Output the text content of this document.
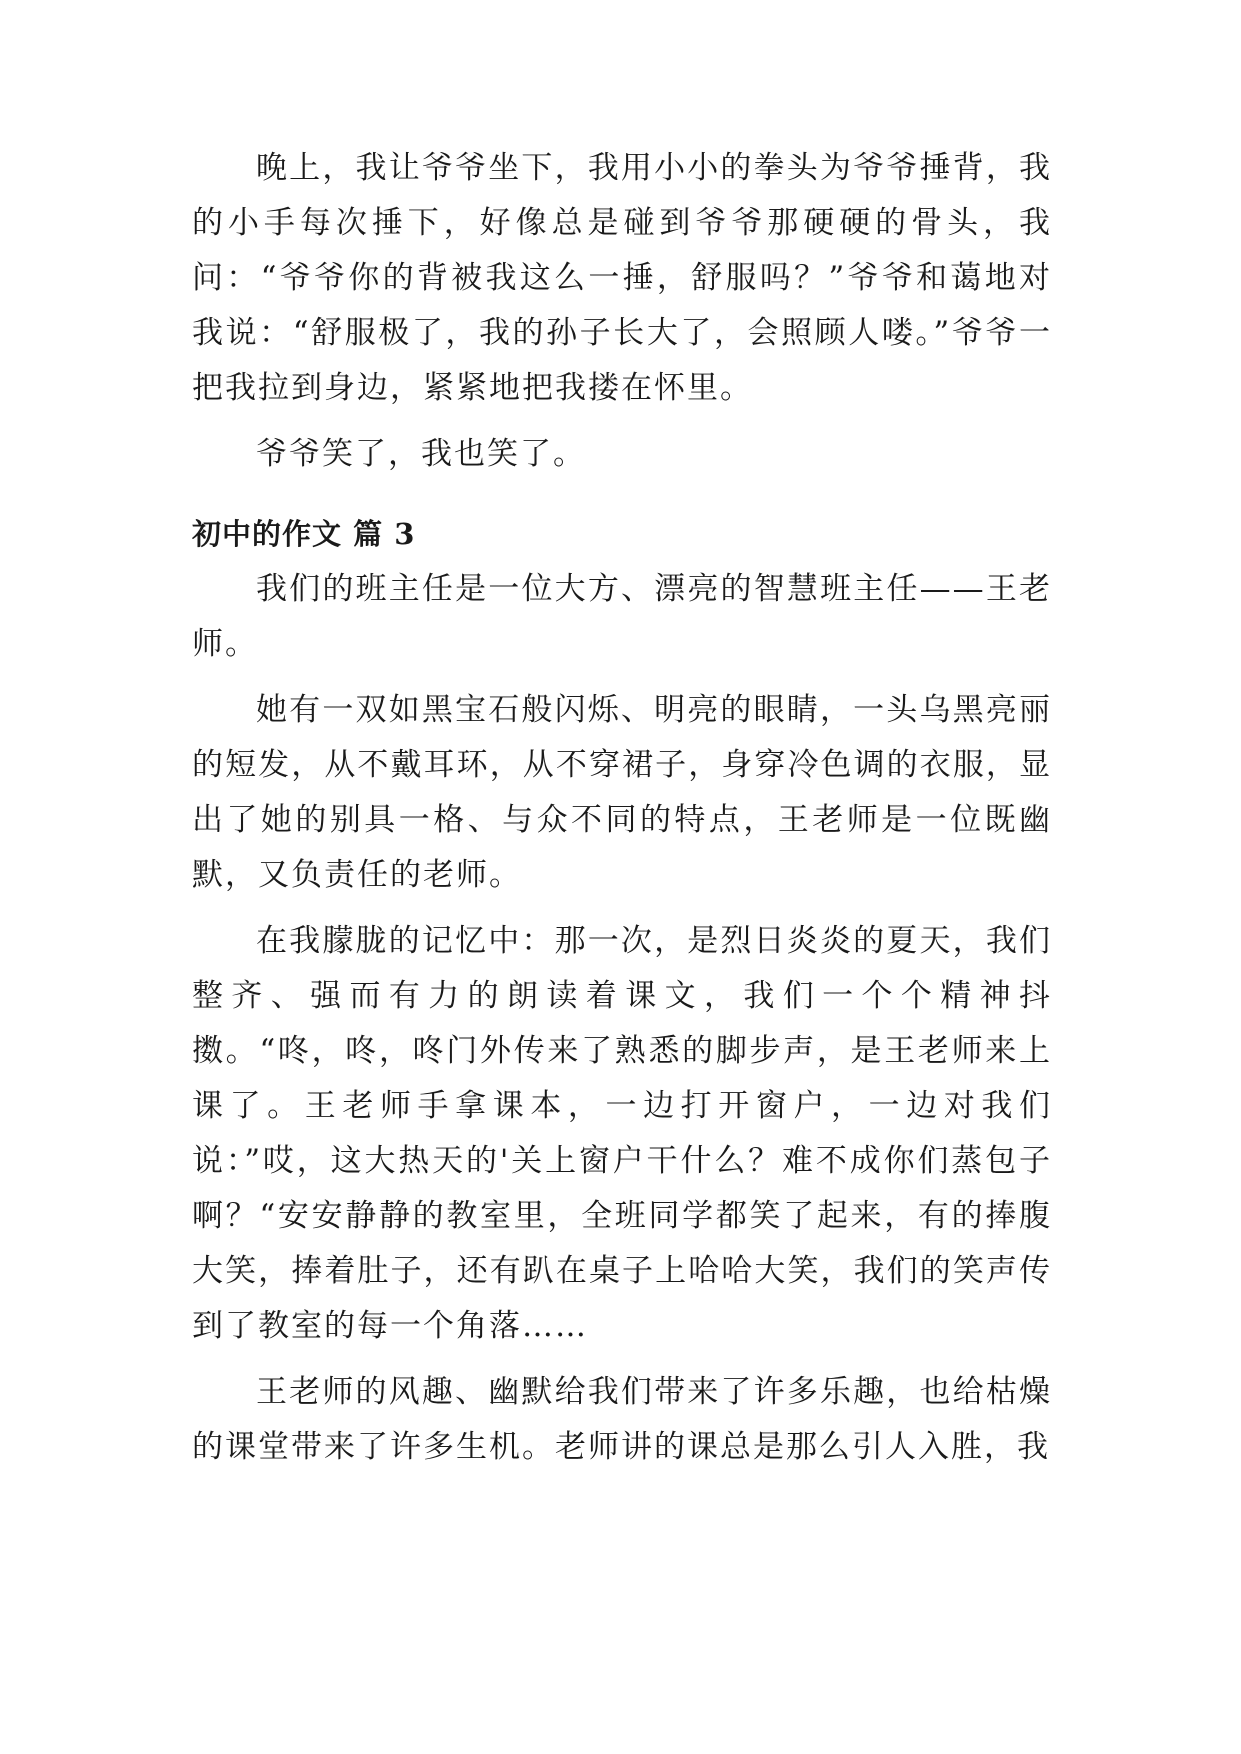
晚上，我让爷爷坐下，我用小小的拳头为爷爷捶背，我的小手每次捶下，好像总是碰到爷爷那硬硬的骨头，我问：“爷爷你的背被我这么一捶，舒服吗？”爷爷和蔼地对我说：“舒服极了，我的孙子长大了，会照顾人喽。”爷爷一把我拉到身边，紧紧地把我搂在怀里。

爷爷笑了，我也笑了。

初中的作文 篇 3

我们的班主任是一位大方、漂亮的智慧班主任——王老师。

她有一双如黑宝石般闪烁、明亮的眼睛，一头乌黑亮丽的短发，从不戴耳环，从不穿裙子，身穿冷色调的衣服，显出了她的别具一格、与众不同的特点，王老师是一位既幽默，又负责任的老师。

在我朦胧的记忆中：那一次，是烈日炎炎的夏天，我们整齐、强而有力的朗读着课文，我们一个个精神抖擞。“咚，咚，咚门外传来了熟悉的脚步声，是王老师来上课了。王老师手拿课本，一边打开窗户，一边对我们说：”哎，这大热天的'关上窗户干什么？难不成你们蒸包子啊？“安安静静的教室里，全班同学都笑了起来，有的捧腹大笑，捧着肚子，还有趴在桌子上哈哈大笑，我们的笑声传到了教室的每一个角落……

王老师的风趣、幽默给我们带来了许多乐趣，也给枯燥的课堂带来了许多生机。老师讲的课总是那么引人入胜，我
